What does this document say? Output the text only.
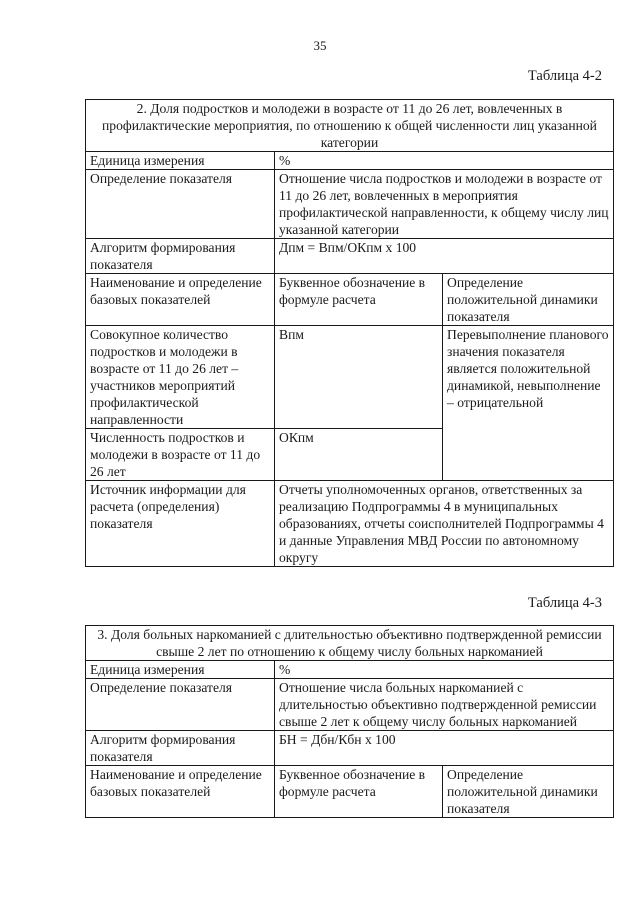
35
Таблица 4-2
2. Доля подростков и молодежи в возрасте от 11 до 26 лет, вовлеченных в профилактические мероприятия, по отношению к общей численности лиц указанной категории		
Единица измерения	%	
Определение показателя	Отношение числа подростков и молодежи в возрасте от 11 до 26 лет, вовлеченных в мероприятия профилактической направленности, к общему числу лиц указанной категории	
Алгоритм формирования показателя	Дпм = Впм/ОКпм х 100	
Наименование и определение базовых показателей	Буквенное обозначение в формуле расчета	Определение положительной динамики показателя
Совокупное количество подростков и молодежи в возрасте от 11 до 26 лет – участников мероприятий профилактической направленности	Впм	Перевыполнение планового значения показателя является положительной динамикой, невыполнение – отрицательной
Численность подростков и молодежи в возрасте от 11 до 26 лет	ОКпм	
Источник информации для расчета (определения) показателя	Отчеты уполномоченных органов, ответственных за реализацию Подпрограммы 4 в муниципальных образованиях, отчеты соисполнителей Подпрограммы 4 и данные Управления МВД России по автономному округу	
Таблица 4-3
3. Доля больных наркоманией с длительностью объективно подтвержденной ремиссии свыше 2 лет по отношению к общему числу больных наркоманией		
Единица измерения	%	
Определение показателя	Отношение числа больных наркоманией с длительностью объективно подтвержденной ремиссии свыше 2 лет к общему числу больных наркоманией	
Алгоритм формирования показателя	БН = Дбн/Кбн х 100	
Наименование и определение базовых показателей	Буквенное обозначение в формуле расчета	Определение положительной динамики показателя
